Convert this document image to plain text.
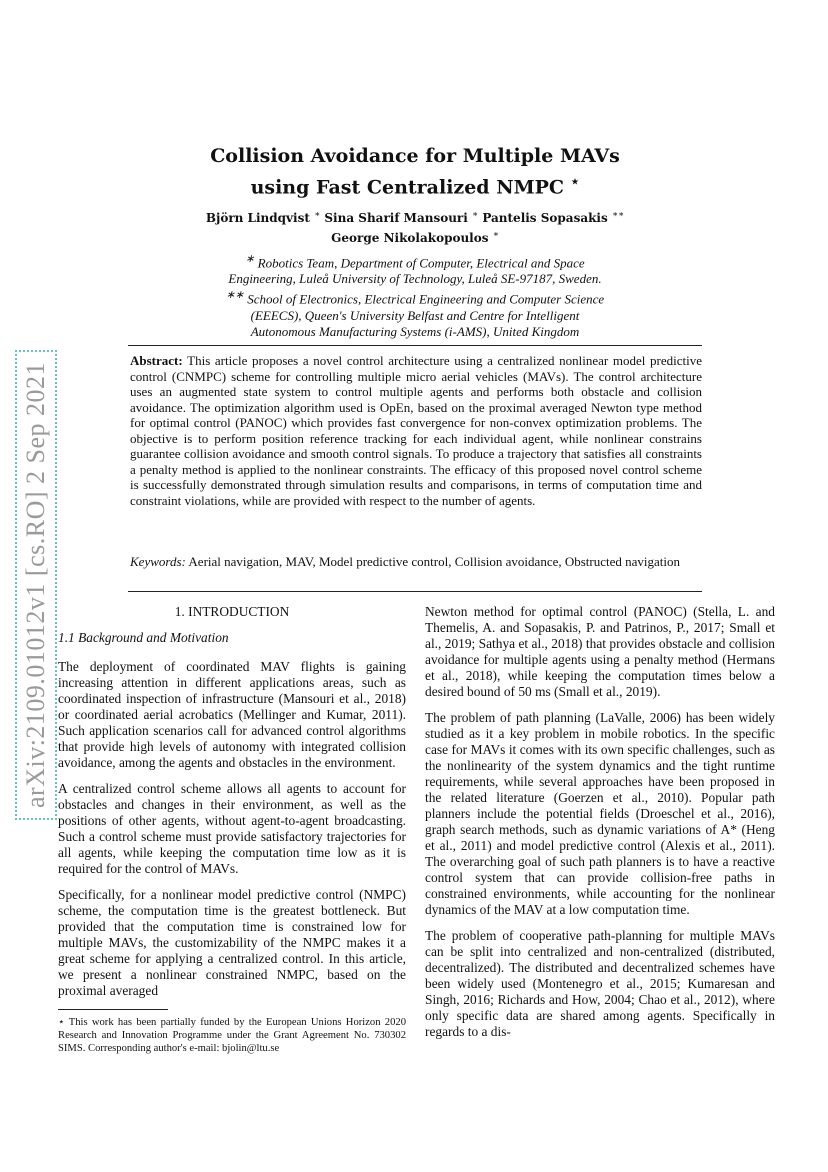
arXiv:2109.01012v1 [cs.RO] 2 Sep 2021
Collision Avoidance for Multiple MAVs
using Fast Centralized NMPC ⋆
Björn Lindqvist ∗ Sina Sharif Mansouri ∗ Pantelis Sopasakis ∗∗
George Nikolakopoulos ∗
∗ Robotics Team, Department of Computer, Electrical and Space
Engineering, Luleå University of Technology, Luleå SE-97187, Sweden.
∗∗ School of Electronics, Electrical Engineering and Computer Science
(EEECS), Queen's University Belfast and Centre for Intelligent
Autonomous Manufacturing Systems (i-AMS), United Kingdom
Abstract: This article proposes a novel control architecture using a centralized nonlinear model predictive control (CNMPC) scheme for controlling multiple micro aerial vehicles (MAVs). The control architecture uses an augmented state system to control multiple agents and performs both obstacle and collision avoidance. The optimization algorithm used is OpEn, based on the proximal averaged Newton type method for optimal control (PANOC) which provides fast convergence for non-convex optimization problems. The objective is to perform position reference tracking for each individual agent, while nonlinear constrains guarantee collision avoidance and smooth control signals. To produce a trajectory that satisfies all constraints a penalty method is applied to the nonlinear constraints. The efficacy of this proposed novel control scheme is successfully demonstrated through simulation results and comparisons, in terms of computation time and constraint violations, while are provided with respect to the number of agents.
Keywords: Aerial navigation, MAV, Model predictive control, Collision avoidance, Obstructed navigation
1. INTRODUCTION
1.1 Background and Motivation

The deployment of coordinated MAV flights is gaining increasing attention in different applications areas, such as coordinated inspection of infrastructure (Mansouri et al., 2018) or coordinated aerial acrobatics (Mellinger and Kumar, 2011). Such application scenarios call for advanced control algorithms that provide high levels of autonomy with integrated collision avoidance, among the agents and obstacles in the environment.

A centralized control scheme allows all agents to account for obstacles and changes in their environment, as well as the positions of other agents, without agent-to-agent broadcasting. Such a control scheme must provide satisfactory trajectories for all agents, while keeping the computation time low as it is required for the control of MAVs.

Specifically, for a nonlinear model predictive control (NMPC) scheme, the computation time is the greatest bottleneck. But provided that the computation time is constrained low for multiple MAVs, the customizability of the NMPC makes it a great scheme for applying a centralized control. In this article, we present a nonlinear constrained NMPC, based on the proximal averaged

⋆ This work has been partially funded by the European Unions Horizon 2020 Research and Innovation Programme under the Grant Agreement No. 730302 SIMS. Corresponding author's e-mail: bjolin@ltu.se

Newton method for optimal control (PANOC) (Stella, L. and Themelis, A. and Sopasakis, P. and Patrinos, P., 2017; Small et al., 2019; Sathya et al., 2018) that provides obstacle and collision avoidance for multiple agents using a penalty method (Hermans et al., 2018), while keeping the computation times below a desired bound of 50 ms (Small et al., 2019).

The problem of path planning (LaValle, 2006) has been widely studied as it a key problem in mobile robotics. In the specific case for MAVs it comes with its own specific challenges, such as the nonlinearity of the system dynamics and the tight runtime requirements, while several approaches have been proposed in the related literature (Goerzen et al., 2010). Popular path planners include the potential fields (Droeschel et al., 2016), graph search methods, such as dynamic variations of A* (Heng et al., 2011) and model predictive control (Alexis et al., 2011). The overarching goal of such path planners is to have a reactive control system that can provide collision-free paths in constrained environments, while accounting for the nonlinear dynamics of the MAV at a low computation time.

The problem of cooperative path-planning for multiple MAVs can be split into centralized and non-centralized (distributed, decentralized). The distributed and decentralized schemes have been widely used (Montenegro et al., 2015; Kumaresan and Singh, 2016; Richards and How, 2004; Chao et al., 2012), where only specific data are shared among agents. Specifically in regards to a dis-
